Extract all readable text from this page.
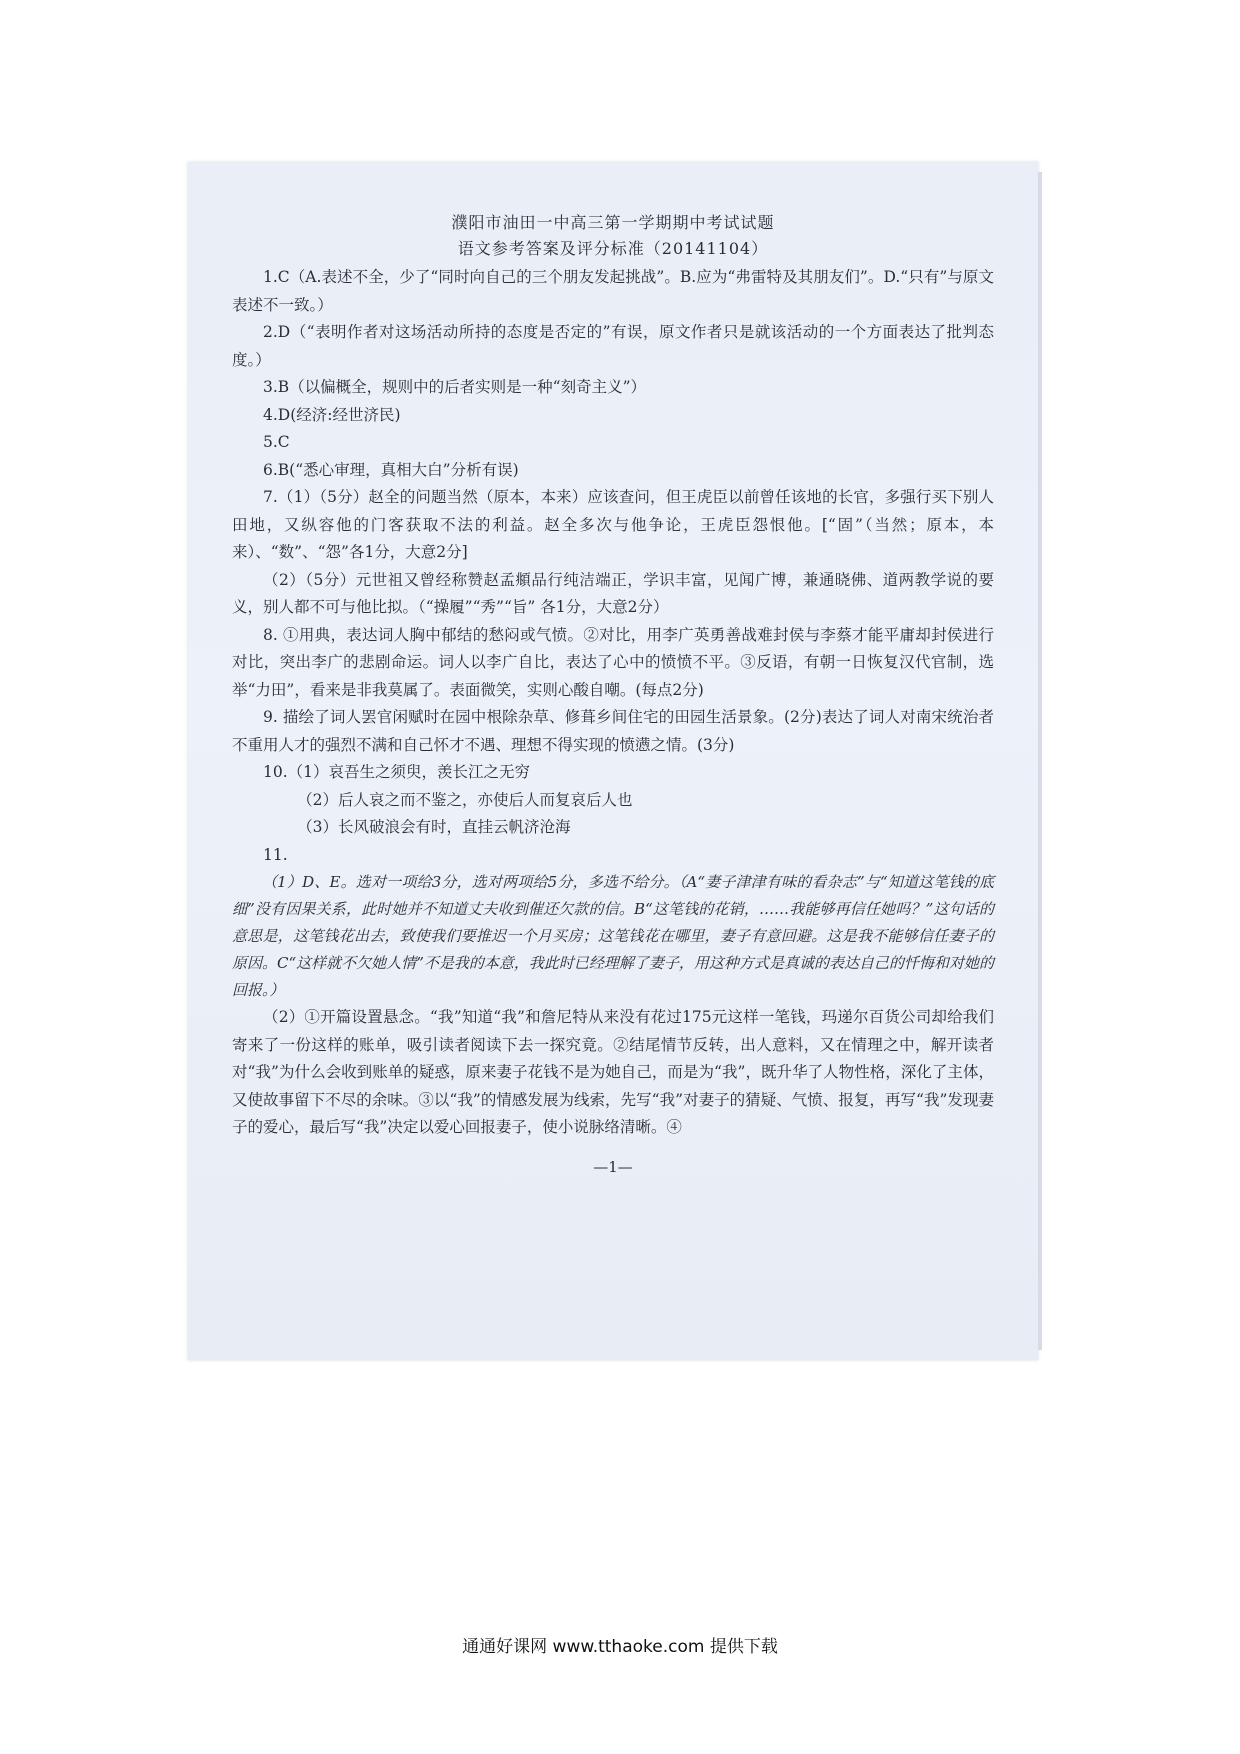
濮阳市油田一中高三第一学期期中考试试题
语文参考答案及评分标准（20141104）

1.C（A.表述不全，少了“同时向自己的三个朋友发起挑战”。B.应为“弗雷特及其朋友们”。D.“只有”与原文表述不一致。）

2.D（“表明作者对这场活动所持的态度是否定的”有误，原文作者只是就该活动的一个方面表达了批判态度。）

3.B（以偏概全，规则中的后者实则是一种“刻奇主义”）

4.D(经济:经世济民)

5.C

6.B(“悉心审理，真相大白”分析有误)

7.（1）（5分）赵全的问题当然（原本，本来）应该查问，但王虎臣以前曾任该地的长官，多强行买下别人田地，又纵容他的门客获取不法的利益。赵全多次与他争论，王虎臣怨恨他。[“固”（当然；原本，本来）、“数”、“怨”各1分，大意2分]

（2）（5分）元世祖又曾经称赞赵孟頫品行纯洁端正，学识丰富，见闻广博，兼通晓佛、道两教学说的要义，别人都不可与他比拟。（“操履”“秀”“旨” 各1分，大意2分）

8. ①用典，表达词人胸中郁结的愁闷或气愤。②对比，用李广英勇善战难封侯与李蔡才能平庸却封侯进行对比，突出李广的悲剧命运。词人以李广自比，表达了心中的愤愤不平。③反语，有朝一日恢复汉代官制，选举“力田”，看来是非我莫属了。表面微笑，实则心酸自嘲。(每点2分)

9. 描绘了词人罢官闲赋时在园中根除杂草、修葺乡间住宅的田园生活景象。(2分)表达了词人对南宋统治者不重用人才的强烈不满和自己怀才不遇、理想不得实现的愤懑之情。(3分)

10.（1）哀吾生之须臾，羡长江之无穷

（2）后人哀之而不鉴之，亦使后人而复哀后人也

（3）长风破浪会有时，直挂云帆济沧海

11.

（1）D、E。选对一项给3分，选对两项给5分，多选不给分。（A“妻子津津有味的看杂志”与“知道这笔钱的底细”没有因果关系，此时她并不知道丈夫收到催还欠款的信。B“这笔钱的花销，……我能够再信任她吗？”这句话的意思是，这笔钱花出去，致使我们要推迟一个月买房；这笔钱花在哪里，妻子有意回避。这是我不能够信任妻子的原因。C“这样就不欠她人情”不是我的本意，我此时已经理解了妻子，用这种方式是真诚的表达自己的忏悔和对她的回报。）

（2）①开篇设置悬念。“我”知道“我”和詹尼特从来没有花过175元这样一笔钱，玛递尔百货公司却给我们寄来了一份这样的账单，吸引读者阅读下去一探究竟。②结尾情节反转，出人意料，又在情理之中，解开读者对“我”为什么会收到账单的疑惑，原来妻子花钱不是为她自己，而是为“我”，既升华了人物性格，深化了主体，又使故事留下不尽的余味。③以“我”的情感发展为线索，先写“我”对妻子的猜疑、气愤、报复，再写“我”发现妻子的爱心，最后写“我”决定以爱心回报妻子，使小说脉络清晰。④

—1—
通通好课网 www.tthaoke.com 提供下载
